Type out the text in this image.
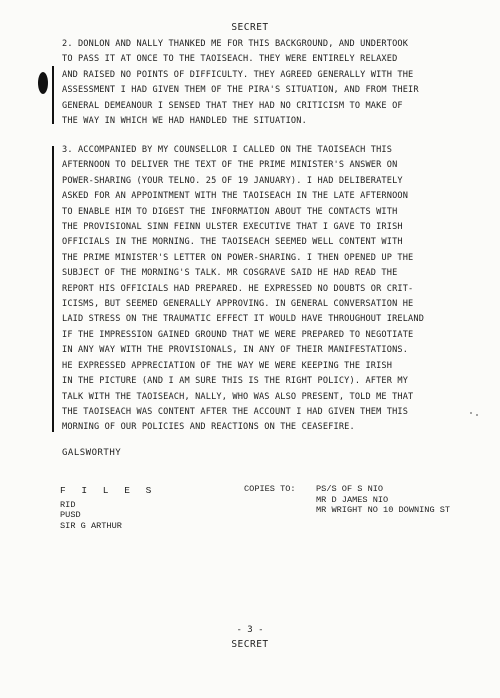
SECRET
2. DONLON AND NALLY THANKED ME FOR THIS BACKGROUND, AND UNDERTOOK
TO PASS IT AT ONCE TO THE TAOISEACH. THEY WERE ENTIRELY RELAXED
AND RAISED NO POINTS OF DIFFICULTY. THEY AGREED GENERALLY WITH THE
ASSESSMENT I HAD GIVEN THEM OF THE PIRA'S SITUATION, AND FROM THEIR
GENERAL DEMEANOUR I SENSED THAT THEY HAD NO CRITICISM TO MAKE OF
THE WAY IN WHICH WE HAD HANDLED THE SITUATION.
3. ACCOMPANIED BY MY COUNSELLOR I CALLED ON THE TAOISEACH THIS
AFTERNOON TO DELIVER THE TEXT OF THE PRIME MINISTER'S ANSWER ON
POWER-SHARING (YOUR TELNO. 25 OF 19 JANUARY). I HAD DELIBERATELY
ASKED FOR AN APPOINTMENT WITH THE TAOISEACH IN THE LATE AFTERNOON
TO ENABLE HIM TO DIGEST THE INFORMATION ABOUT THE CONTACTS WITH
THE PROVISIONAL SINN FEINN ULSTER EXECUTIVE THAT I GAVE TO IRISH
OFFICIALS IN THE MORNING. THE TAOISEACH SEEMED WELL CONTENT WITH
THE PRIME MINISTER'S LETTER ON POWER-SHARING. I THEN OPENED UP THE
SUBJECT OF THE MORNING'S TALK. MR COSGRAVE SAID HE HAD READ THE
REPORT HIS OFFICIALS HAD PREPARED. HE EXPRESSED NO DOUBTS OR CRIT-
ICISMS, BUT SEEMED GENERALLY APPROVING. IN GENERAL CONVERSATION HE
LAID STRESS ON THE TRAUMATIC EFFECT IT WOULD HAVE THROUGHOUT IRELAND
IF THE IMPRESSION GAINED GROUND THAT WE WERE PREPARED TO NEGOTIATE
IN ANY WAY WITH THE PROVISIONALS, IN ANY OF THEIR MANIFESTATIONS.
HE EXPRESSED APPRECIATION OF THE WAY WE WERE KEEPING THE IRISH
IN THE PICTURE (AND I AM SURE THIS IS THE RIGHT POLICY). AFTER MY
TALK WITH THE TAOISEACH, NALLY, WHO WAS ALSO PRESENT, TOLD ME THAT
THE TAOISEACH WAS CONTENT AFTER THE ACCOUNT I HAD GIVEN THEM THIS
MORNING OF OUR POLICIES AND REACTIONS ON THE CEASEFIRE.
GALSWORTHY
F I L E S
RID
PUSD
SIR G ARTHUR
COPIES TO: PS/S OF S NIO
MR D JAMES NIO
MR WRIGHT NO 10 DOWNING ST
- 3 -
SECRET
